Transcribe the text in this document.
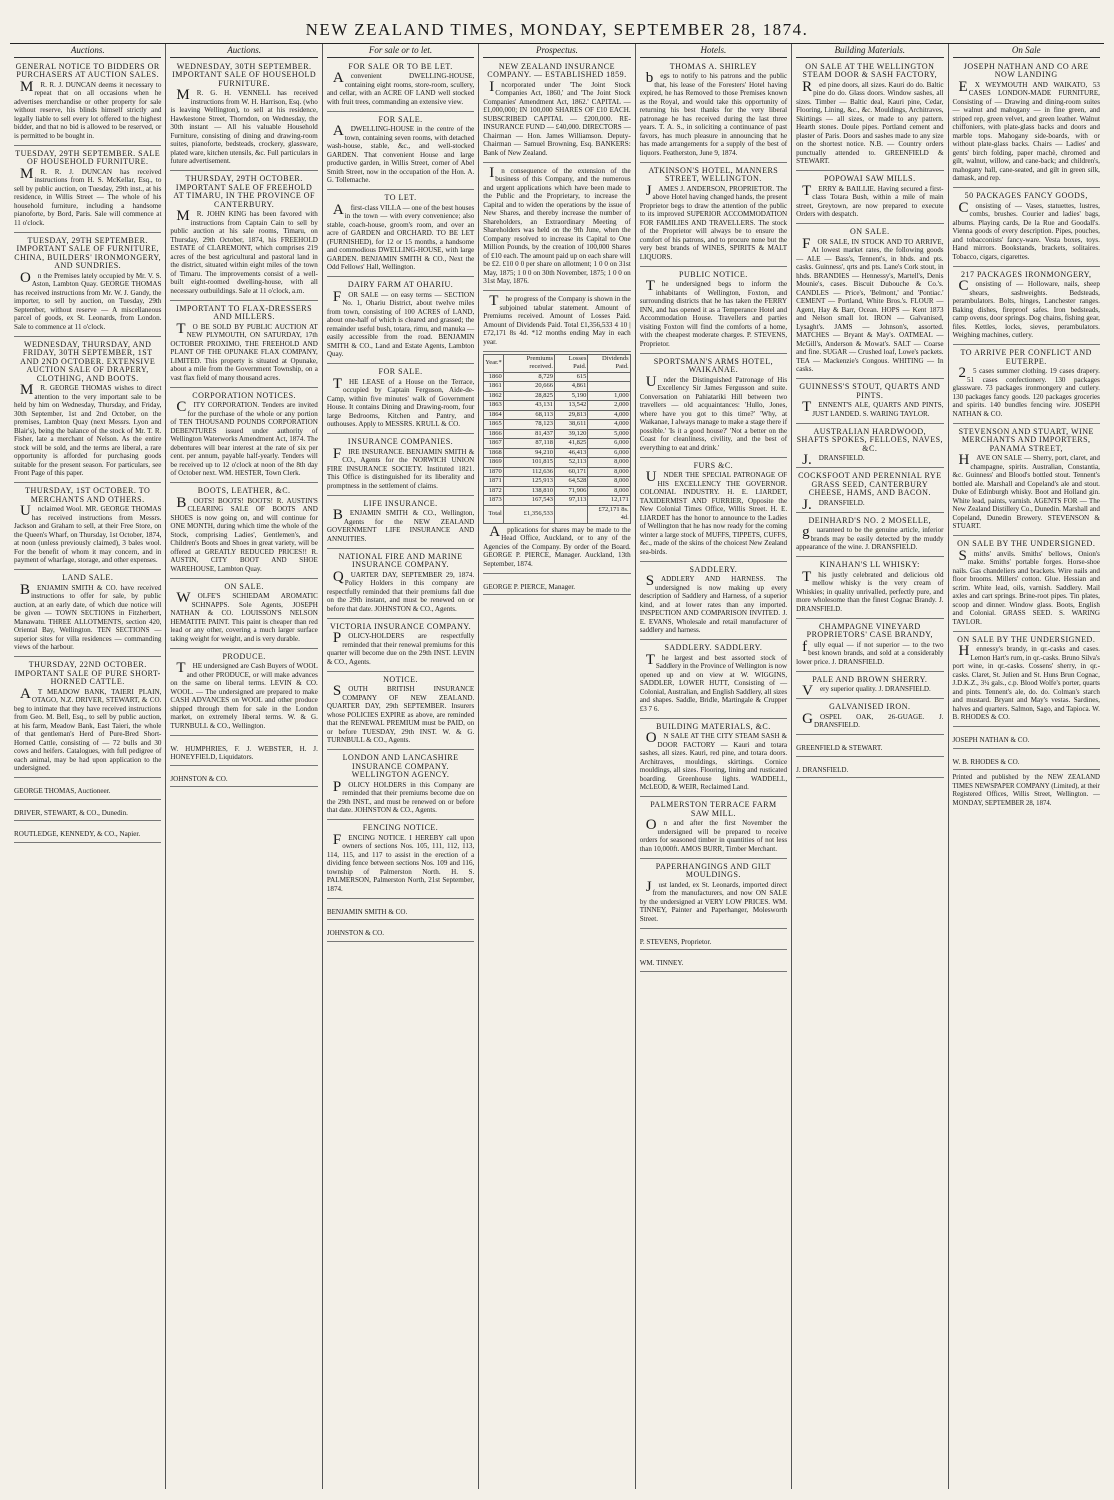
NEW ZEALAND TIMES, MONDAY, SEPTEMBER 28, 1874.
Auctions.
GENERAL NOTICE TO BIDDERS OR PURCHASERS AT AUCTION SALES.

MR. R. J. DUNCAN deems it necessary to repeat that on all occasions when he advertises merchandise or other property for sale without reserve, his blinds himself strictly and legally liable to sell every lot offered to the highest bidder, and that no bid is allowed to be reserved, or is permitted to be bought in.

TUESDAY, 29TH SEPTEMBER. SALE OF HOUSEHOLD FURNITURE.

MR. R. J. DUNCAN has received instructions from H. S. McKellar, Esq., to sell by public auction, on Tuesday, 29th inst., at his residence, in Willis Street — The whole of his household furniture, including a handsome pianoforte, by Bord, Paris. Sale will commence at 11 o'clock.

TUESDAY, 29TH SEPTEMBER. IMPORTANT SALE OF FURNITURE, CHINA, BUILDERS' IRONMONGERY, AND SUNDRIES.

On the Premises lately occupied by Mr. V. S. Aston, Lambton Quay. GEORGE THOMAS has received instructions from Mr. W. J. Gandy, the importer, to sell by auction, on Tuesday, 29th September, without reserve — A miscellaneous parcel of goods, ex St. Leonards, from London. Sale to commence at 11 o'clock.

WEDNESDAY, THURSDAY, AND FRIDAY, 30TH SEPTEMBER, 1ST AND 2ND OCTOBER. EXTENSIVE AUCTION SALE OF DRAPERY, CLOTHING, AND BOOTS.

MR. GEORGE THOMAS wishes to direct attention to the very important sale to be held by him on Wednesday, Thursday, and Friday, 30th September, 1st and 2nd October, on the premises, Lambton Quay (next Messrs. Lyon and Blair's), being the balance of the stock of Mr. T. R. Fisher, late a merchant of Nelson. As the entire stock will be sold, and the terms are liberal, a rare opportunity is afforded for purchasing goods suitable for the present season. For particulars, see Front Page of this paper.

THURSDAY, 1ST OCTOBER. TO MERCHANTS AND OTHERS.

Unclaimed Wool. MR. GEORGE THOMAS has received instructions from Messrs. Jackson and Graham to sell, at their Free Store, on the Queen's Wharf, on Thursday, 1st October, 1874, at noon (unless previously claimed), 3 bales wool. For the benefit of whom it may concern, and in payment of wharfage, storage, and other expenses.

LAND SALE.

BENJAMIN SMITH & CO. have received instructions to offer for sale, by public auction, at an early date, of which due notice will be given — TOWN SECTIONS in Fitzherbert, Manawatu. THREE ALLOTMENTS, section 420, Oriental Bay, Wellington. TEN SECTIONS — superior sites for villa residences — commanding views of the harbour.

THURSDAY, 22ND OCTOBER. IMPORTANT SALE OF PURE SHORT-HORNED CATTLE.

AT MEADOW BANK, TAIERI PLAIN, OTAGO, N.Z. DRIVER, STEWART, & CO. beg to intimate that they have received instructions from Geo. M. Bell, Esq., to sell by public auction, at his farm, Meadow Bank, East Taieri, the whole of that gentleman's Herd of Pure-Bred Short-Horned Cattle, consisting of — 72 bulls and 30 cows and heifers. Catalogues, with full pedigree of each animal, may be had upon application to the undersigned.

GEORGE THOMAS, Auctioneer.

DRIVER, STEWART, & CO., Dunedin.

ROUTLEDGE, KENNEDY, & CO., Napier.

Auctions.
WEDNESDAY, 30TH SEPTEMBER. IMPORTANT SALE OF HOUSEHOLD FURNITURE.

MR. G. H. VENNELL has received instructions from W. H. Harrison, Esq. (who is leaving Wellington), to sell at his residence, Hawkestone Street, Thorndon, on Wednesday, the 30th instant — All his valuable Household Furniture, consisting of dining and drawing-room suites, pianoforte, bedsteads, crockery, glassware, plated ware, kitchen utensils, &c. Full particulars in future advertisement.

THURSDAY, 29TH OCTOBER. IMPORTANT SALE OF FREEHOLD AT TIMARU, IN THE PROVINCE OF CANTERBURY.

MR. JOHN KING has been favored with instructions from Captain Cain to sell by public auction at his sale rooms, Timaru, on Thursday, 29th October, 1874, his FREEHOLD ESTATE of CLAREMONT, which comprises 219 acres of the best agricultural and pastoral land in the district, situated within eight miles of the town of Timaru. The improvements consist of a well-built eight-roomed dwelling-house, with all necessary outbuildings. Sale at 11 o'clock, a.m.

IMPORTANT TO FLAX-DRESSERS AND MILLERS.

TO BE SOLD BY PUBLIC AUCTION AT NEW PLYMOUTH, ON SATURDAY, 17th OCTOBER PROXIMO, THE FREEHOLD AND PLANT OF THE OPUNAKE FLAX COMPANY, LIMITED. This property is situated at Opunake, about a mile from the Government Township, on a vast flax field of many thousand acres.

CORPORATION NOTICES.

CITY CORPORATION. Tenders are invited for the purchase of the whole or any portion of TEN THOUSAND POUNDS CORPORATION DEBENTURES issued under authority of Wellington Waterworks Amendment Act, 1874. The debentures will bear interest at the rate of six per cent. per annum, payable half-yearly. Tenders will be received up to 12 o'clock at noon of the 8th day of October next. WM. HESTER, Town Clerk.

BOOTS, LEATHER, &C.

BOOTS! BOOTS! BOOTS! R. AUSTIN'S CLEARING SALE OF BOOTS AND SHOES is now going on, and will continue for ONE MONTH, during which time the whole of the Stock, comprising Ladies', Gentlemen's, and Children's Boots and Shoes in great variety, will be offered at GREATLY REDUCED PRICES!! R. AUSTIN, CITY BOOT AND SHOE WAREHOUSE, Lambton Quay.

ON SALE.

WOLFE'S SCHIEDAM AROMATIC SCHNAPPS. Sole Agents, JOSEPH NATHAN & CO. LOUISSON'S NELSON HEMATITE PAINT. This paint is cheaper than red lead or any other, covering a much larger surface taking weight for weight, and is very durable.

PRODUCE.

THE undersigned are Cash Buyers of WOOL and other PRODUCE, or will make advances on the same on liberal terms. LEVIN & CO. WOOL. — The undersigned are prepared to make CASH ADVANCES on WOOL and other produce shipped through them for sale in the London market, on extremely liberal terms. W. & G. TURNBULL & CO., Wellington.

W. HUMPHRIES, F. J. WEBSTER, H. J. HONEYFIELD, Liquidators.

JOHNSTON & CO.

For sale or to let.
FOR SALE OR TO BE LET.

Aconvenient DWELLING-HOUSE, containing eight rooms, store-room, scullery, and cellar, with an ACRE OF LAND well stocked with fruit trees, commanding an extensive view.

FOR SALE.

ADWELLING-HOUSE in the centre of the town, containing seven rooms, with detached wash-house, stable, &c., and well-stocked GARDEN. That convenient House and large productive garden, in Willis Street, corner of Abel Smith Street, now in the occupation of the Hon. A. G. Tollemache.

TO LET.

Afirst-class VILLA — one of the best houses in the town — with every convenience; also stable, coach-house, groom's room, and over an acre of GARDEN and ORCHARD. TO BE LET (FURNISHED), for 12 or 15 months, a handsome and commodious DWELLING-HOUSE, with large GARDEN. BENJAMIN SMITH & CO., Next the Odd Fellows' Hall, Wellington.

DAIRY FARM AT OHARIU.

FOR SALE — on easy terms — SECTION No. 1, Ohariu District, about twelve miles from town, consisting of 100 ACRES of LAND, about one-half of which is cleared and grassed; the remainder useful bush, totara, rimu, and manuka — easily accessible from the road. BENJAMIN SMITH & CO., Land and Estate Agents, Lambton Quay.

FOR SALE.

THE LEASE of a House on the Terrace, occupied by Captain Ferguson, Aide-de-Camp, within five minutes' walk of Government House. It contains Dining and Drawing-room, four large Bedrooms, Kitchen and Pantry, and outhouses. Apply to MESSRS. KRULL & CO.

INSURANCE COMPANIES.

FIRE INSURANCE. BENJAMIN SMITH & CO., Agents for the NORWICH UNION FIRE INSURANCE SOCIETY. Instituted 1821. This Office is distinguished for its liberality and promptness in the settlement of claims.

LIFE INSURANCE.

BENJAMIN SMITH & CO., Wellington, Agents for the NEW ZEALAND GOVERNMENT LIFE INSURANCE AND ANNUITIES.

NATIONAL FIRE AND MARINE INSURANCE COMPANY.

QUARTER DAY, SEPTEMBER 29, 1874. Policy Holders in this company are respectfully reminded that their premiums fall due on the 29th instant, and must be renewed on or before that date. JOHNSTON & CO., Agents.

VICTORIA INSURANCE COMPANY.

POLICY-HOLDERS are respectfully reminded that their renewal premiums for this quarter will become due on the 29th INST. LEVIN & CO., Agents.

NOTICE.

SOUTH BRITISH INSURANCE COMPANY OF NEW ZEALAND. QUARTER DAY, 29th SEPTEMBER. Insurers whose POLICIES EXPIRE as above, are reminded that the RENEWAL PREMIUM must be PAID, on or before TUESDAY, 29th INST. W. & G. TURNBULL & CO., Agents.

LONDON AND LANCASHIRE INSURANCE COMPANY. WELLINGTON AGENCY.

POLICY HOLDERS in this Company are reminded that their premiums become due on the 29th INST., and must be renewed on or before that date. JOHNSTON & CO., Agents.

FENCING NOTICE.

FENCING NOTICE. I HEREBY call upon owners of sections Nos. 105, 111, 112, 113, 114, 115, and 117 to assist in the erection of a dividing fence between sections Nos. 109 and 116, township of Palmerston North. H. S. PALMERSON, Palmerston North, 21st September, 1874.

BENJAMIN SMITH & CO.

JOHNSTON & CO.

Prospectus.
NEW ZEALAND INSURANCE COMPANY. — ESTABLISHED 1859.

Incorporated under 'The Joint Stock Companies Act, 1860,' and 'The Joint Stock Companies' Amendment Act, 1862.' CAPITAL — £1,000,000; IN 100,000 SHARES OF £10 EACH. SUBSCRIBED CAPITAL — £200,000. RE-INSURANCE FUND — £40,000. DIRECTORS — Chairman — Hon. James Williamson. Deputy-Chairman — Samuel Browning, Esq. BANKERS: Bank of New Zealand.

In consequence of the extension of the business of this Company, and the numerous and urgent applications which have been made to the Public and the Proprietary, to increase the Capital and to widen the operations by the issue of New Shares, and thereby increase the number of Shareholders, an Extraordinary Meeting of Shareholders was held on the 9th June, when the Company resolved to increase its Capital to One Million Pounds, by the creation of 100,000 Shares of £10 each. The amount paid up on each share will be £2. £10 0 0 per share on allotment; 1 0 0 on 31st May, 1875; 1 0 0 on 30th November, 1875; 1 0 0 on 31st May, 1876.

The progress of the Company is shown in the subjoined tabular statement. Amount of Premiums received. Amount of Losses Paid. Amount of Dividends Paid. Total £1,356,533 4 10 | £72,171 8s 4d. *12 months ending May in each year.

Year.*	Premiums received.	Losses Paid.	Dividends Paid.
1860	8,729	615	
1861	20,666	4,861	
1862	28,825	5,190	1,000
1863	43,131	13,542	2,000
1864	68,113	29,813	4,000
1865	78,123	38,611	4,000
1866	81,437	39,120	5,000
1867	87,118	41,825	6,000
1868	94,210	46,413	6,000
1869	101,815	52,113	8,000
1870	112,636	60,171	8,000
1871	125,913	64,528	8,000
1872	138,810	71,906	8,000
1873	167,543	97,113	12,171
Total	£1,356,533		£72,171 8s. 4d.

Applications for shares may be made to the Head Office, Auckland, or to any of the Agencies of the Company. By order of the Board. GEORGE P. PIERCE, Manager. Auckland, 13th September, 1874.

GEORGE P. PIERCE, Manager.

Hotels.
THOMAS A. SHIRLEY

begs to notify to his patrons and the public that, his lease of the Foresters' Hotel having expired, he has Removed to those Premises known as the Royal, and would take this opportunity of returning his best thanks for the very liberal patronage he has received during the last three years. T. A. S., in soliciting a continuance of past favors, has much pleasure in announcing that he has made arrangements for a supply of the best of liquors. Featherston, June 9, 1874.

ATKINSON'S HOTEL, MANNERS STREET, WELLINGTON.

JAMES J. ANDERSON, PROPRIETOR. The above Hotel having changed hands, the present Proprietor begs to draw the attention of the public to its improved SUPERIOR ACCOMMODATION FOR FAMILIES AND TRAVELLERS. The stock of the Proprietor will always be to ensure the comfort of his patrons, and to procure none but the very best brands of WINES, SPIRITS & MALT LIQUORS.

PUBLIC NOTICE.

The undersigned begs to inform the inhabitants of Wellington, Foxton, and surrounding districts that he has taken the FERRY INN, and has opened it as a Temperance Hotel and Accommodation House. Travellers and parties visiting Foxton will find the comforts of a home, with the cheapest moderate charges. P. STEVENS, Proprietor.

SPORTSMAN'S ARMS HOTEL, WAIKANAE.

Under the Distinguished Patronage of His Excellency Sir James Fergusson and suite. Conversation on Pahiatariki Hill between two travellers — old acquaintances: 'Hullo, Jones, where have you got to this time?' 'Why, at Waikanae, I always manage to make a stage there if possible.' 'Is it a good house?' 'Not a better on the Coast for cleanliness, civility, and the best of everything to eat and drink.'

FURS &C.

UNDER THE SPECIAL PATRONAGE OF HIS EXCELLENCY THE GOVERNOR. COLONIAL INDUSTRY. H. E. LIARDET, TAXIDERMIST AND FURRIER, Opposite the New Colonial Times Office, Willis Street. H. E. LIARDET has the honor to announce to the Ladies of Wellington that he has now ready for the coming winter a large stock of MUFFS, TIPPETS, CUFFS, &c., made of the skins of the choicest New Zealand sea-birds.

SADDLERY.

SADDLERY AND HARNESS. The undersigned is now making up every description of Saddlery and Harness, of a superior kind, and at lower rates than any imported. INSPECTION AND COMPARISON INVITED. J. E. EVANS, Wholesale and retail manufacturer of saddlery and harness.

SADDLERY. SADDLERY.

The largest and best assorted stock of Saddlery in the Province of Wellington is now opened up and on view at W. WIGGINS, SADDLER, LOWER HUTT, Consisting of — Colonial, Australian, and English Saddlery, all sizes and shapes. Saddle, Bridle, Martingale & Crupper £3 7 6.

BUILDING MATERIALS, &C.

ON SALE AT THE CITY STEAM SASH & DOOR FACTORY — Kauri and totara sashes, all sizes. Kauri, red pine, and totara doors. Architraves, mouldings, skirtings. Cornice mouldings, all sizes. Flooring, lining and rusticated boarding. Greenhouse lights. WADDELL, McLEOD, & WEIR, Reclaimed Land.

PALMERSTON TERRACE FARM SAW MILL.

On and after the first November the undersigned will be prepared to receive orders for seasoned timber in quantities of not less than 10,000ft. AMOS BURR, Timber Merchant.

PAPERHANGINGS AND GILT MOULDINGS.

Just landed, ex St. Leonards, imported direct from the manufacturers, and now ON SALE by the undersigned at VERY LOW PRICES. WM. TINNEY, Painter and Paperhanger, Molesworth Street.

P. STEVENS, Proprietor.

WM. TINNEY.

Building Materials.
ON SALE AT THE WELLINGTON STEAM DOOR & SASH FACTORY,

Red pine doors, all sizes. Kauri do do. Baltic pine do do. Glass doors. Window sashes, all sizes. Timber — Baltic deal, Kauri pine, Cedar, Flooring, Lining, &c., &c. Mouldings, Architraves, Skirtings — all sizes, or made to any pattern. Hearth stones. Doule pipes. Portland cement and plaster of Paris. Doors and sashes made to any size on the shortest notice. N.B. — Country orders punctually attended to. GREENFIELD & STEWART.

POPOWAI SAW MILLS.

TERRY & BAILLIE. Having secured a first-class Totara Bush, within a mile of main street, Greytown, are now prepared to execute Orders with despatch.

ON SALE.

FOR SALE, IN STOCK AND TO ARRIVE, At lowest market rates, the following goods — ALE — Bass's, Tennent's, in hhds. and pts. casks. Guinness', qrts and pts. Lane's Cork stout, in hhds. BRANDIES — Hennessy's, Martell's, Denis Mounie's, cases. Biscuit Dubouche & Co.'s. CANDLES — Price's, 'Belmont,' and 'Pontiac.' CEMENT — Portland, White Bros.'s. FLOUR — Agent, Hay & Barr, Ocean. HOPS — Kent 1873 and Nelson small lot. IRON — Galvanised, Lysaght's. JAMS — Johnson's, assorted. MATCHES — Bryant & May's. OATMEAL — McGill's, Anderson & Mowat's. SALT — Coarse and fine. SUGAR — Crushed loaf, Lowe's packets. TEA — Mackenzie's Congous. WHITING — In casks.

GUINNESS'S STOUT, QUARTS AND PINTS.

TENNENT'S ALE, QUARTS AND PINTS, JUST LANDED. S. WARING TAYLOR.

AUSTRALIAN HARDWOOD, SHAFTS SPOKES, FELLOES, NAVES, &C.

J.DRANSFIELD.

COCKSFOOT AND PERENNIAL RYE GRASS SEED, CANTERBURY CHEESE, HAMS, AND BACON.

J.DRANSFIELD.

DEINHARD'S NO. 2 MOSELLE,

guaranteed to be the genuine article, inferior brands may be easily detected by the muddy appearance of the wine. J. DRANSFIELD.

KINAHAN'S LL WHISKY:

This justly celebrated and delicious old mellow whisky is the very cream of Whiskies; in quality unrivalled, perfectly pure, and more wholesome than the finest Cognac Brandy. J. DRANSFIELD.

CHAMPAGNE VINEYARD PROPRIETORS' CASE BRANDY,

fully equal — if not superior — to the two best known brands, and sold at a considerably lower price. J. DRANSFIELD.

PALE AND BROWN SHERRY.

Very superior quality. J. DRANSFIELD.

GALVANISED IRON.

GOSPEL OAK, 26-GUAGE. J. DRANSFIELD.

GREENFIELD & STEWART.

J. DRANSFIELD.

On Sale
JOSEPH NATHAN AND CO ARE NOW LANDING

EX WEYMOUTH AND WAIKATO, 53 CASES LONDON-MADE FURNITURE, Consisting of — Drawing and dining-room suites — walnut and mahogany — in fine green, and striped rep, green velvet, and green leather. Walnut chiffoniers, with plate-glass backs and doors and marble tops. Mahogany side-boards, with or without plate-glass backs. Chairs — Ladies' and gents' birch folding, paper machè, chromed and gilt, walnut, willow, and cane-back; and children's, mahogany hall, cane-seated, and gilt in green silk, damask, and rep.

50 PACKAGES FANCY GOODS,

Consisting of — Vases, statuettes, lustres, combs, brushes. Courier and ladies' bags, albums. Playing cards, De la Rue and Goodall's. Vienna goods of every description. Pipes, pouches, and tobacconists' fancy-ware. Vesta boxes, toys. Hand mirrors. Bookstands, brackets, solitaires. Tobacco, cigars, cigarettes.

217 PACKAGES IRONMONGERY,

Consisting of — Holloware, nails, sheep shears, sashweights. Bedsteads, perambulators. Bolts, hinges, Lanchester ranges. Baking dishes, fireproof safes. Iron bedsteads, camp ovens, door springs. Dog chains, fishing gear, files. Kettles, locks, sieves, perambulators. Weighing machines, cutlery.

TO ARRIVE PER CONFLICT AND EUTERPE.

25 cases summer clothing. 19 cases drapery. 51 cases confectionery. 130 packages glassware. 73 packages ironmongery and cutlery. 130 packages fancy goods. 120 packages groceries and spirits. 140 bundles fencing wire. JOSEPH NATHAN & CO.

STEVENSON AND STUART, WINE MERCHANTS AND IMPORTERS, PANAMA STREET,

HAVE ON SALE — Sherry, port, claret, and champagne, spirits. Australian, Constantia, &c. Guinness' and Blood's bottled stout. Tennent's bottled ale. Marshall and Copeland's ale and stout. Duke of Edinburgh whisky. Boot and Holland gin. White lead, paints, varnish. AGENTS FOR — The New Zealand Distillery Co., Dunedin. Marshall and Copeland, Dunedin Brewery. STEVENSON & STUART.

ON SALE BY THE UNDERSIGNED.

Smiths' anvils. Smiths' bellows, Onion's make. Smiths' portable forges. Horse-shoe nails. Gas chandeliers and brackets. Wire nails and floor brooms. Millers' cotton. Glue. Hessian and scrim. White lead, oils, varnish. Saddlery. Mail axles and cart springs. Brine-root pipes. Tin plates, scoop and dinner. Window glass. Boots, English and Colonial. GRASS SEED. S. WARING TAYLOR.

ON SALE BY THE UNDERSIGNED.

Hennessy's brandy, in qr.-casks and cases. Lemon Hart's rum, in qr.-casks. Bruno Silva's port wine, in qr.-casks. Cossens' sherry, in qr.-casks. Claret, St. Julien and St. Huns Brun Cognac, J.D.K.Z., 3¼ gals., c.p. Blood Wolfe's porter, quarts and pints. Tennent's ale, do. do. Colman's starch and mustard. Bryant and May's vestas. Sardines, halves and quarters. Salmon, Sago, and Tapioca. W. B. RHODES & CO.

JOSEPH NATHAN & CO.

W. B. RHODES & CO.

Printed and published by the NEW ZEALAND TIMES NEWSPAPER COMPANY (Limited), at their Registered Offices, Willis Street, Wellington. — MONDAY, SEPTEMBER 28, 1874.
